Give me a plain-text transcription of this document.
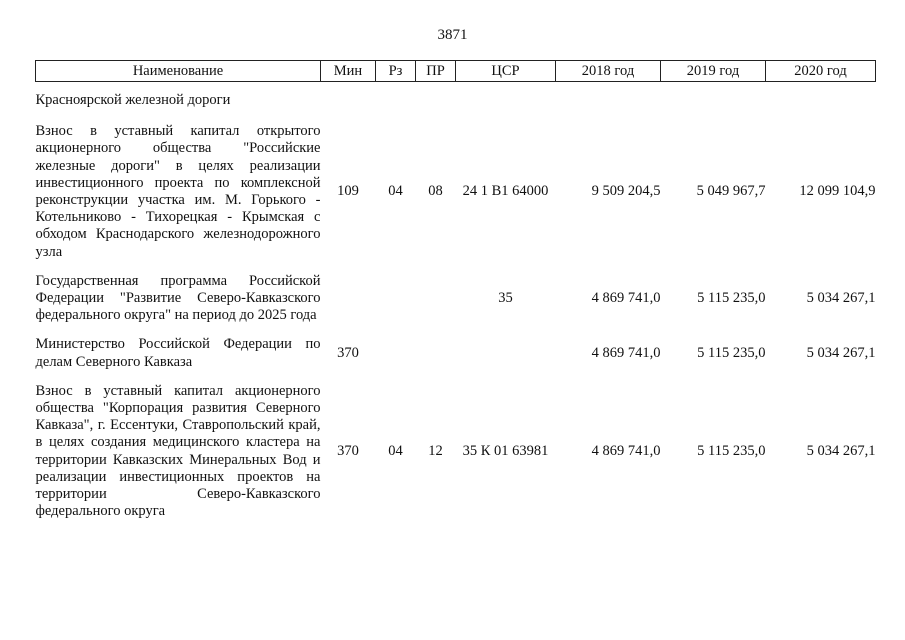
3871
Наименование	Мин	Рз	ПР	ЦСР	2018 год	2019 год	2020 год

Красноярской железной дороги							

Взнос в уставный капитал открытого акционерного общества "Российские железные дороги" в целях реализации инвестиционного проекта по комплексной реконструкции участка им. М. Горького - Котельниково - Тихорецкая - Крымская с обходом Краснодарского железнодорожного узла	109	04	08	24 1 В1 64000	9 509 204,5	5 049 967,7	12 099 104,9

Государственная программа Российской Федерации "Развитие Северо-Кавказского федерального округа" на период до 2025 года				35	4 869 741,0	5 115 235,0	5 034 267,1

Министерство Российской Федерации по делам Северного Кавказа	370				4 869 741,0	5 115 235,0	5 034 267,1

Взнос в уставный капитал акционерного общества "Корпорация развития Северного Кавказа", г. Ессентуки, Ставропольский край, в целях создания медицинского кластера на территории Кавказских Минеральных Вод и реализации инвестиционных проектов на территории Северо-Кавказского федерального округа	370	04	12	35 К 01 63981	4 869 741,0	5 115 235,0	5 034 267,1
